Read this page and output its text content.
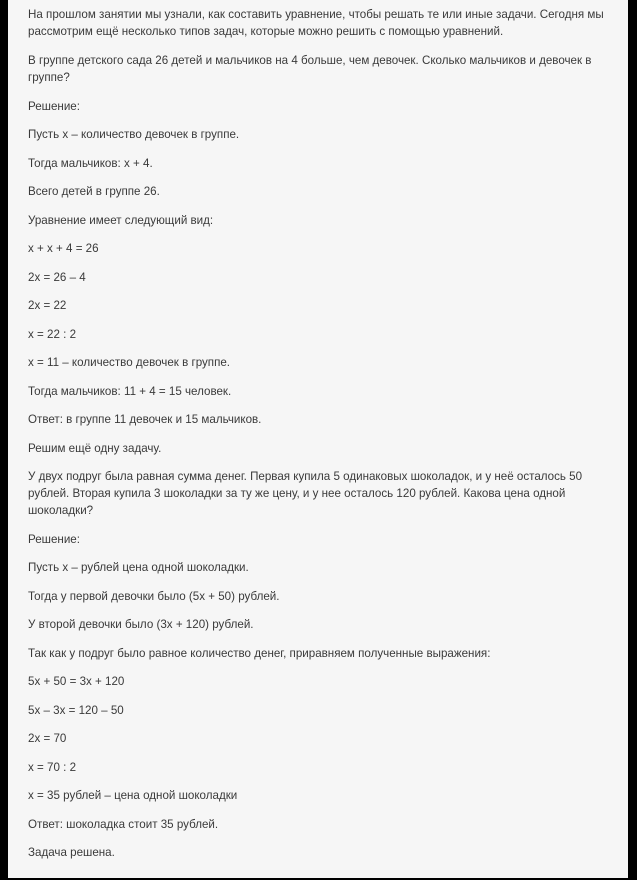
На прошлом занятии мы узнали, как составить уравнение, чтобы решать те или иные задачи. Сегодня мы рассмотрим ещё несколько типов задач, которые можно решить с помощью уравнений.

В группе детского сада 26 детей и мальчиков на 4 больше, чем девочек. Сколько мальчиков и девочек в группе?

Решение:

Пусть x – количество девочек в группе.

Тогда мальчиков: x + 4.

Всего детей в группе 26.

Уравнение имеет следующий вид:

x + x + 4 = 26

2x = 26 – 4

2x = 22

x = 22 : 2

x = 11 – количество девочек в группе.

Тогда мальчиков: 11 + 4 = 15 человек.

Ответ: в группе 11 девочек и 15 мальчиков.

Решим ещё одну задачу.

У двух подруг была равная сумма денег. Первая купила 5 одинаковых шоколадок, и у неё осталось 50 рублей. Вторая купила 3 шоколадки за ту же цену, и у нее осталось 120 рублей. Какова цена одной шоколадки?

Решение:

Пусть x – рублей цена одной шоколадки.

Тогда у первой девочки было (5x + 50) рублей.

У второй девочки было (3x + 120) рублей.

Так как у подруг было равное количество денег, приравняем полученные выражения:

5x + 50 = 3x + 120

5x – 3x = 120 – 50

2x = 70

x = 70 : 2

x = 35 рублей – цена одной шоколадки

Ответ: шоколадка стоит 35 рублей.

Задача решена.
